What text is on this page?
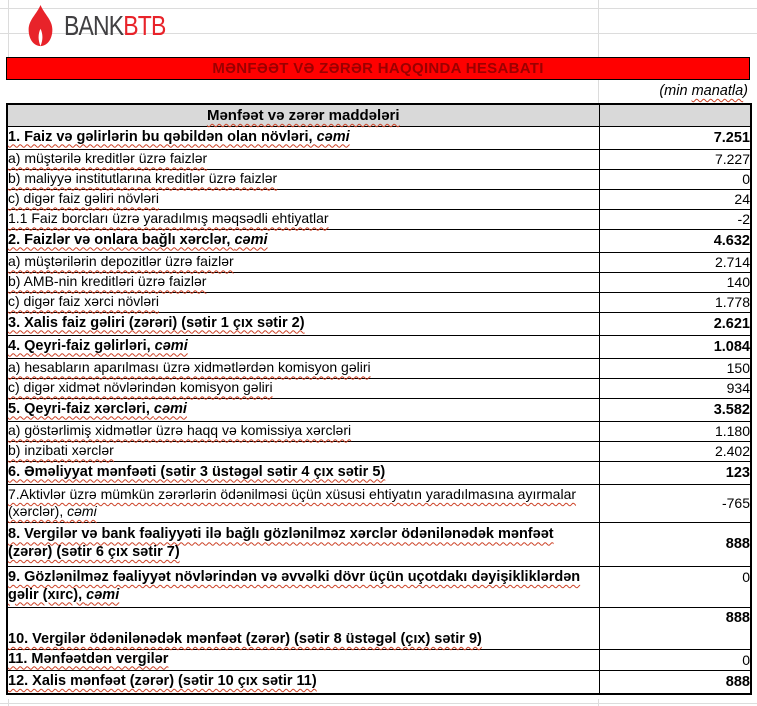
BANKBTB
MƏNFƏƏT VƏ ZƏRƏR HAQQINDA HESABATI
(min manatla)
Mənfəət və zərər maddələri	
1. Faiz və gəlirlərin bu qəbildən olan növləri, cəmi	7.251
a) müştərilə kreditlər üzrə faizlər	7.227
b) maliyyə institutlarına kreditlər üzrə faizlər	0
c) digər faiz gəliri növləri	24
1.1 Faiz borcları üzrə yaradılmış məqsədli ehtiyatlar	-2
2. Faizlər və onlara bağlı xərclər, cəmi	4.632
a) müştərilərin depozitlər üzrə faizlər	2.714
b) AMB-nin kreditləri üzrə faizlər	140
c) digər faiz xərci növləri	1.778
3. Xalis faiz gəliri (zərəri) (sətir 1 çıx sətir 2)	2.621
4. Qeyri-faiz gəlirləri, cəmi	1.084
a) hesabların aparılması üzrə xidmətlərdən komisyon gəliri	150
c) digər xidmət növlərindən komisyon gəliri	934
5. Qeyri-faiz xərcləri, cəmi	3.582
a) göstərlimiş xidmətlər üzrə haqq və komissiya xərcləri	1.180
b) inzibati xərclər	2.402
6. Əməliyyat mənfəəti (sətir 3 üstəgəl sətir 4 çıx sətir 5)	123
7.Aktivlər üzrə mümkün zərərlərin ödənilməsi üçün xüsusi ehtiyatın yaradılmasına ayırmalar (xərclər), cəmi	-765
8. Vergilər və bank fəaliyyəti ilə bağlı gözlənilməz xərclər ödənilənədək mənfəət (zərər) (sətir 6 çıx sətir 7)	888
9. Gözlənilməz fəaliyyət növlərindən və əvvəlki dövr üçün uçotdakı dəyişikliklərdən gəlir (xırc), cəmi	0
10. Vergilər ödənilənədək mənfəət (zərər) (sətir 8 üstəgəl (çıx) sətir 9)	888
11. Mənfəətdən vergilər	0
12. Xalis mənfəət (zərər) (sətir 10 çıx sətir 11)	888
